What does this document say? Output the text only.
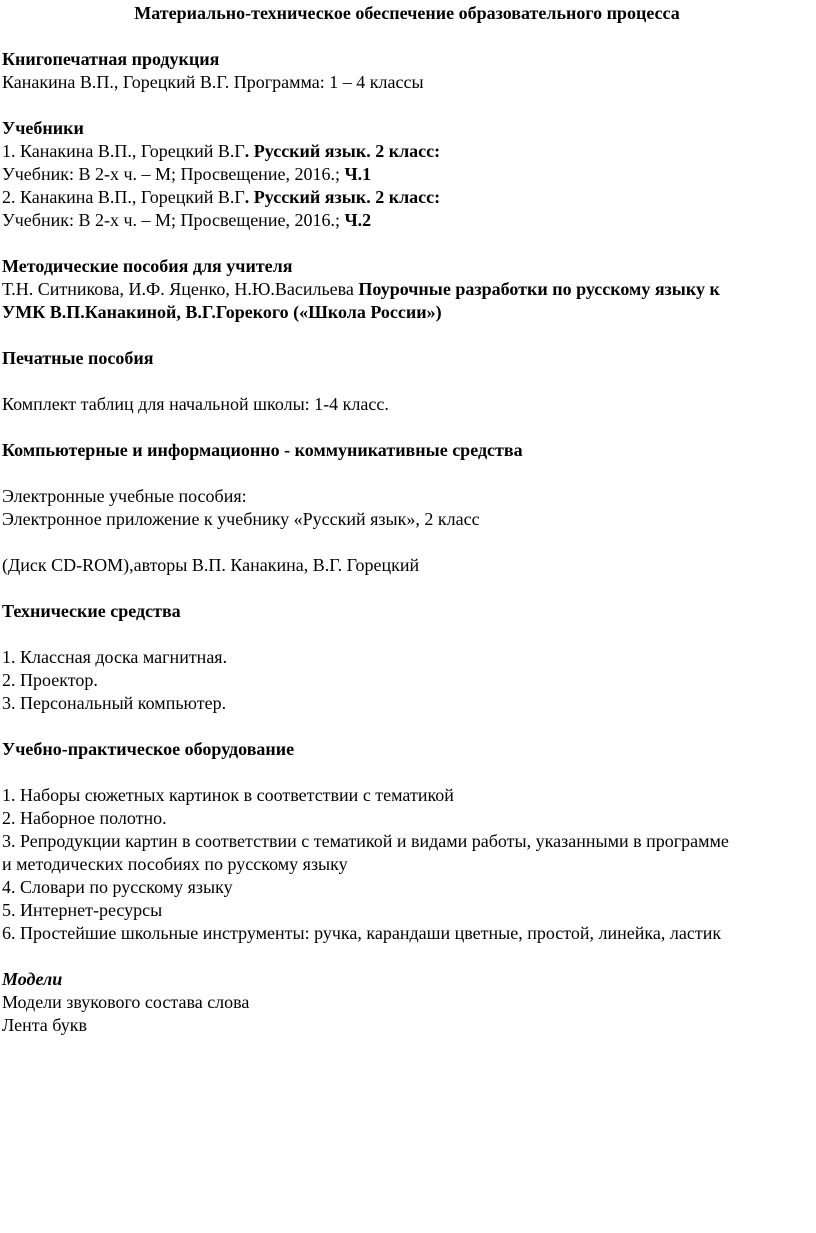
Материально-техническое обеспечение образовательного процесса
Книгопечатная продукция
Канакина В.П., Горецкий В.Г. Программа: 1 – 4 классы
Учебники
1. Канакина В.П., Горецкий В.Г. Русский язык. 2 класс:
Учебник: В 2-х ч. – М; Просвещение, 2016.; Ч.1
2. Канакина В.П., Горецкий В.Г. Русский язык. 2 класс:
Учебник: В 2-х ч. – М; Просвещение, 2016.; Ч.2
Методические пособия для учителя
Т.Н. Ситникова, И.Ф. Яценко, Н.Ю.Васильева Поурочные разработки по русскому языку к
УМК В.П.Канакиной, В.Г.Горекого («Школа России»)
Печатные пособия
Комплект таблиц для начальной школы: 1-4 класс.
Компьютерные и информационно - коммуникативные средства
Электронные учебные пособия:
Электронное приложение к учебнику «Русский язык», 2 класс
(Диск CD-ROM),авторы В.П. Канакина, В.Г. Горецкий
Технические средства
1. Классная доска магнитная.
2. Проектор.
3. Персональный компьютер.
Учебно-практическое оборудование
1. Наборы сюжетных картинок в соответствии с тематикой
2. Наборное полотно.
3. Репродукции картин в соответствии с тематикой и видами работы, указанными в программе
и методических пособиях по русскому языку
4. Словари по русскому языку
5. Интернет-ресурсы
6. Простейшие школьные инструменты: ручка, карандаши цветные, простой, линейка, ластик
Модели
Модели звукового состава слова
Лента букв
